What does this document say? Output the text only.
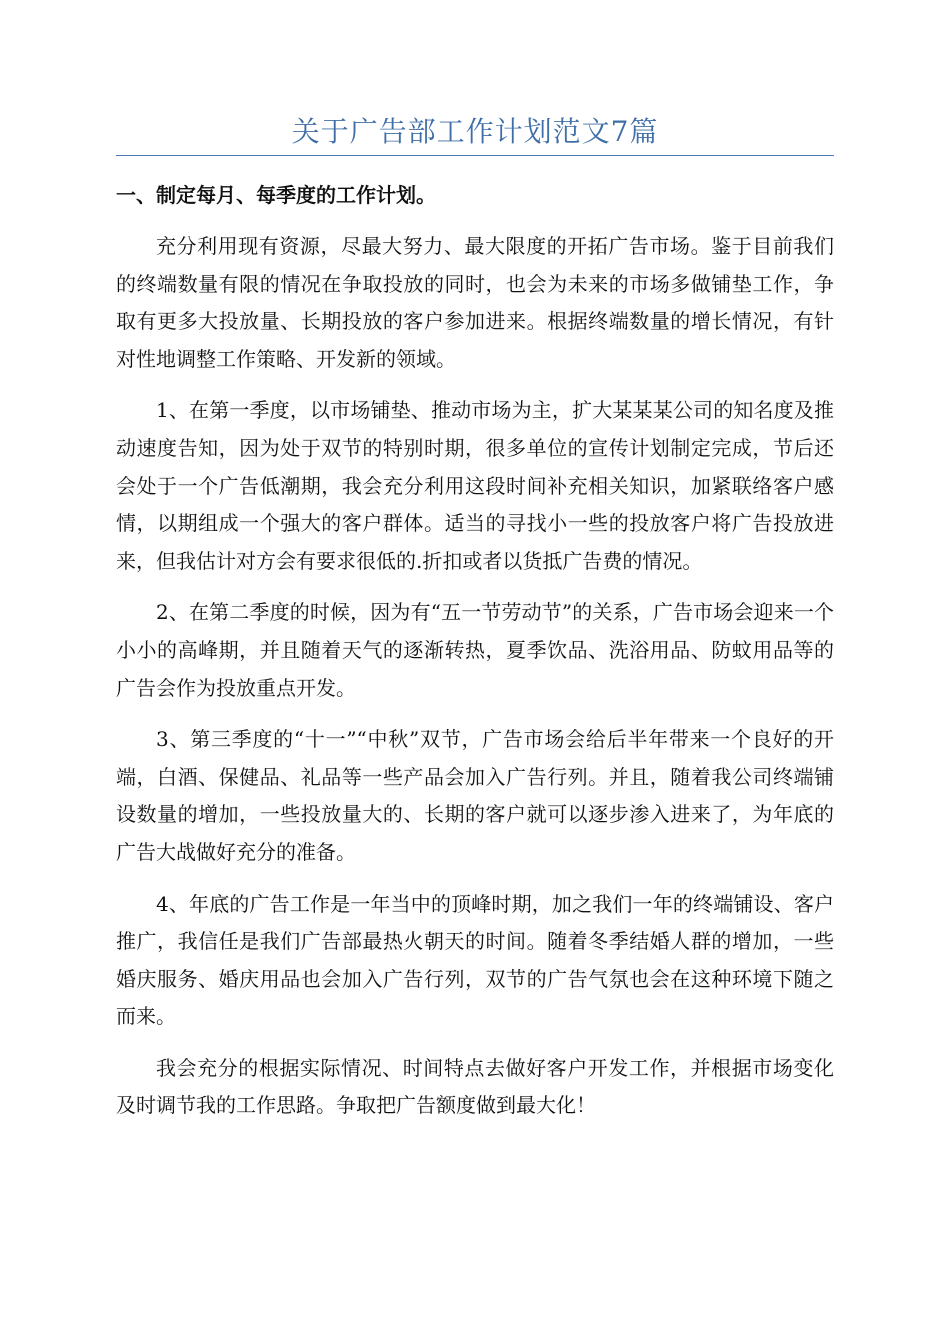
关于广告部工作计划范文7篇
一、制定每月、每季度的工作计划。

充分利用现有资源，尽最大努力、最大限度的开拓广告市场。鉴于目前我们的终端数量有限的情况在争取投放的同时，也会为未来的市场多做铺垫工作，争取有更多大投放量、长期投放的客户参加进来。根据终端数量的增长情况，有针对性地调整工作策略、开发新的领域。

1、在第一季度，以市场铺垫、推动市场为主，扩大某某某公司的知名度及推动速度告知，因为处于双节的特别时期，很多单位的宣传计划制定完成，节后还会处于一个广告低潮期，我会充分利用这段时间补充相关知识，加紧联络客户感情，以期组成一个强大的客户群体。适当的寻找小一些的投放客户将广告投放进来，但我估计对方会有要求很低的.折扣或者以货抵广告费的情况。

2、在第二季度的时候，因为有“五一节劳动节”的关系，广告市场会迎来一个小小的高峰期，并且随着天气的逐渐转热，夏季饮品、洗浴用品、防蚊用品等的广告会作为投放重点开发。

3、第三季度的“十一”“中秋”双节，广告市场会给后半年带来一个良好的开端，白酒、保健品、礼品等一些产品会加入广告行列。并且，随着我公司终端铺设数量的增加，一些投放量大的、长期的客户就可以逐步渗入进来了，为年底的广告大战做好充分的准备。

4、年底的广告工作是一年当中的顶峰时期，加之我们一年的终端铺设、客户推广，我信任是我们广告部最热火朝天的时间。随着冬季结婚人群的增加，一些婚庆服务、婚庆用品也会加入广告行列，双节的广告气氛也会在这种环境下随之而来。

我会充分的根据实际情况、时间特点去做好客户开发工作，并根据市场变化及时调节我的工作思路。争取把广告额度做到最大化！
